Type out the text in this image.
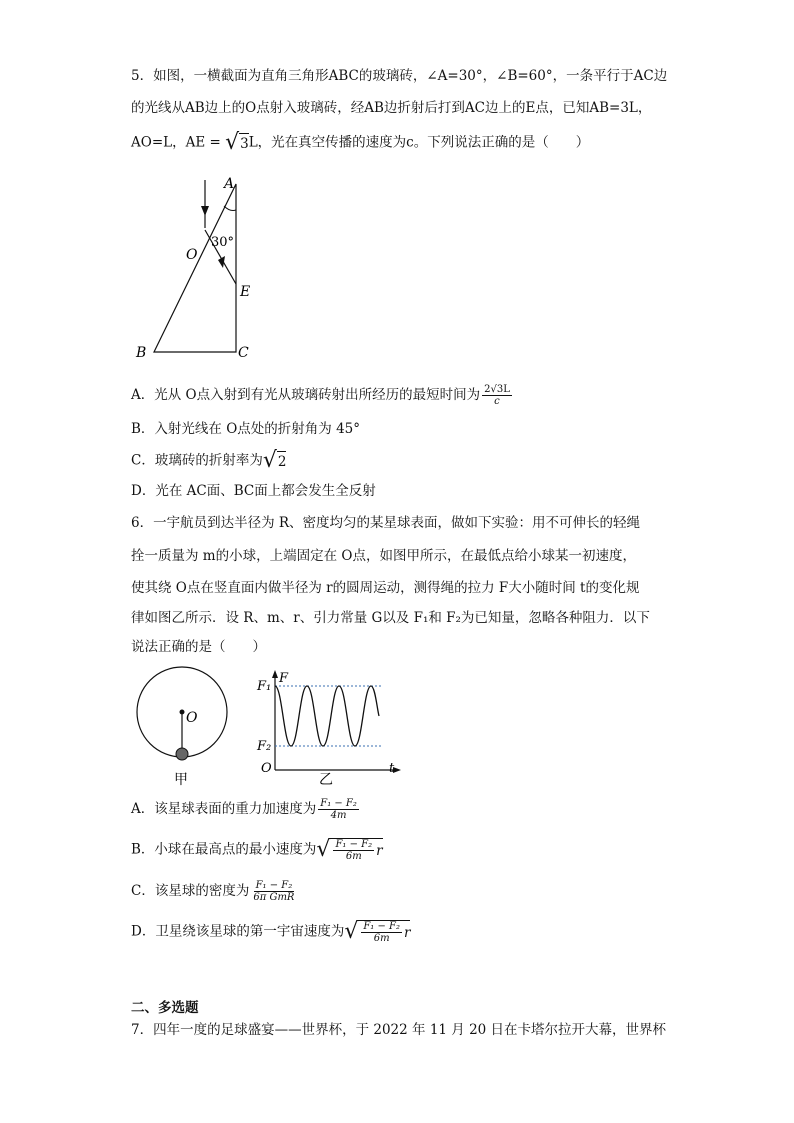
5．如图，一横截面为直角三角形ABC的玻璃砖，∠A=30°，∠B=60°，一条平行于AC边
的光线从AB边上的O点射入玻璃砖，经AB边折射后打到AC边上的E点，已知AB=3L，
AO=L，AE = √ 3 L，光在真空传播的速度为c。下列说法正确的是（　　）
A
O
30°
E
B	C
A．光从 O点入射到有光从玻璃砖射出所经历的最短时间为 $\frac{2√3L}{c}$
B．入射光线在 O点处的折射角为 45°
C．玻璃砖的折射率为 √ 2
D．光在 AC面、BC面上都会发生全反射
6．一宇航员到达半径为 R、密度均匀的某星球表面，做如下实验：用不可伸长的轻绳
拴一质量为 m的小球，上端固定在 O点，如图甲所示，在最低点给小球某一初速度，
使其绕 O点在竖直面内做半径为 r的圆周运动，测得绳的拉力 F大小随时间 t的变化规
律如图乙所示．设 R、m、r、引力常量 G以及 F₁和 F₂为已知量，忽略各种阻力．以下
说法正确的是（　　）
O
甲
F
F₁
F₂
O	t
乙
A．该星球表面的重力加速度为 $\frac{\text{F₁ − F₂}}{4m}$
B．小球在最高点的最小速度为 √ $\frac{\text{F₁ − F₂}}{6m}$ r
C．该星球的密度为 $\frac{\text{F₁ − F₂}}{\text{6π GmR}}$
D．卫星绕该星球的第一宇宙速度为 √ $\frac{\text{F₁ − F₂}}{6m}$ r
二、多选题
7．四年一度的足球盛宴——世界杯，于 2022 年 11 月 20 日在卡塔尔拉开大幕，世界杯
